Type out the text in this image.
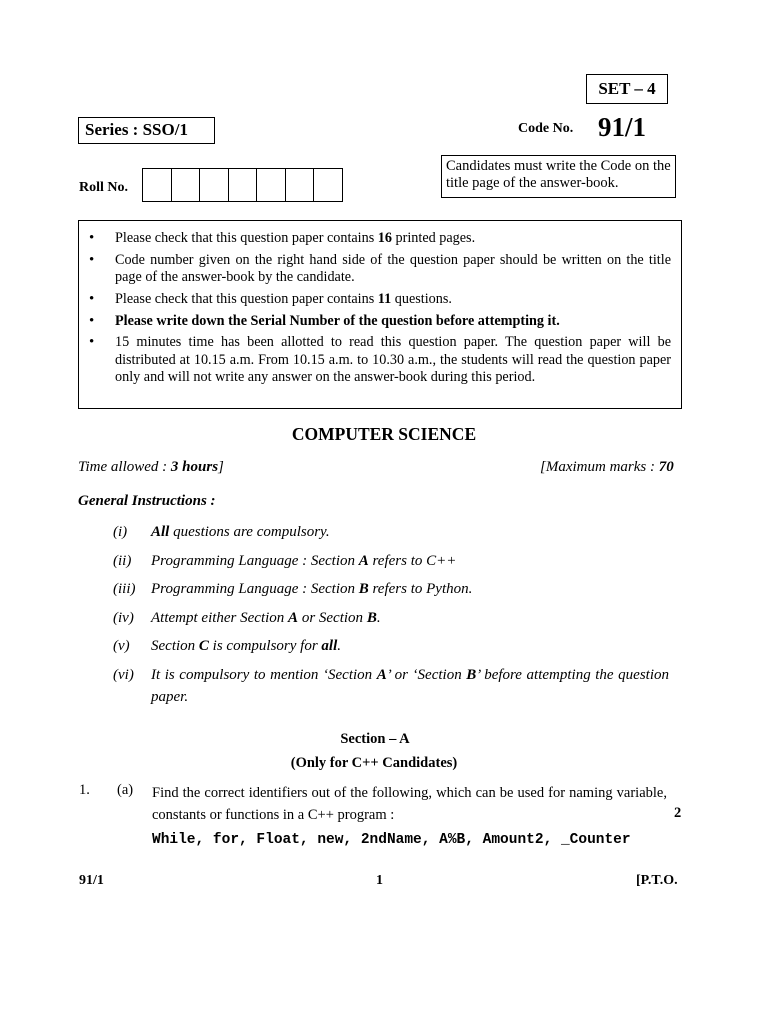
SET – 4
Series : SSO/1	Code No. 91/1
Roll No.
Candidates must write the Code on the title page of the answer-book.
• Please check that this question paper contains 16 printed pages.
• Code number given on the right hand side of the question paper should be written on the title page of the answer-book by the candidate.
• Please check that this question paper contains 11 questions.
• Please write down the Serial Number of the question before attempting it.
• 15 minutes time has been allotted to read this question paper. The question paper will be distributed at 10.15 a.m. From 10.15 a.m. to 10.30 a.m., the students will read the question paper only and will not write any answer on the answer-book during this period.
COMPUTER SCIENCE
Time allowed : 3 hours]	[Maximum marks : 70
General Instructions :
(i)	All questions are compulsory.
(ii)	Programming Language : Section A refers to C++
(iii)	Programming Language : Section B refers to Python.
(iv)	Attempt either Section A or Section B.
(v)	Section C is compulsory for all.
(vi)	It is compulsory to mention ‘Section A’ or ‘Section B’ before attempting the question paper.
Section – A
(Only for C++ Candidates)
1. (a) Find the correct identifiers out of the following, which can be used for naming variable, constants or functions in a C++ program :	2
While, for, Float, new, 2ndName, A%B, Amount2, _Counter
91/1	1	[P.T.O.
